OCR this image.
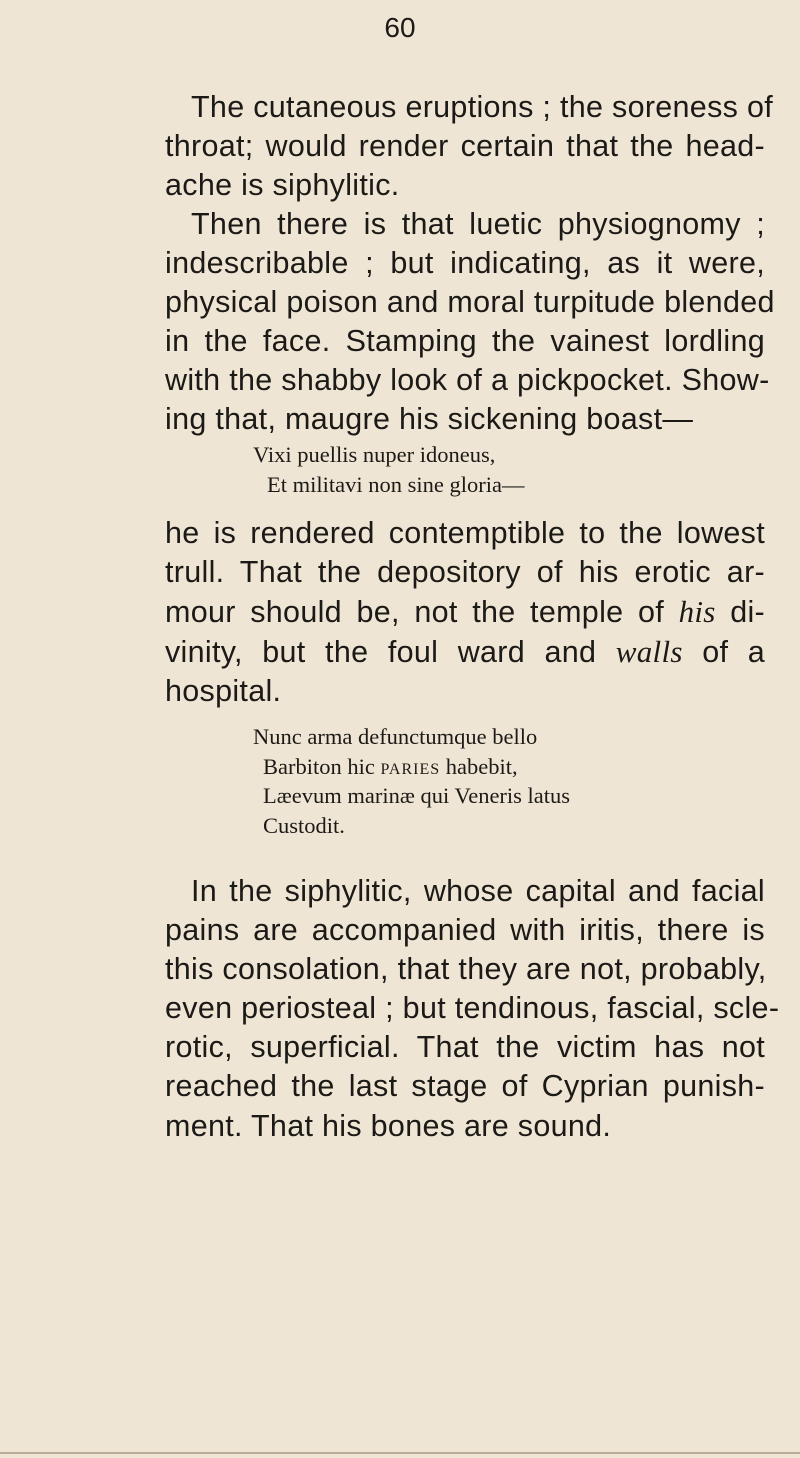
60
The cutaneous eruptions ; the soreness of
throat; would render certain that the head-
ache is siphylitic.
Then there is that luetic physiognomy ;
indescribable ; but indicating, as it were,
physical poison and moral turpitude blended
in the face. Stamping the vainest lordling
with the shabby look of a pickpocket. Show-
ing that, maugre his sickening boast—
Vixi puellis nuper idoneus,
Et militavi non sine gloria—
he is rendered contemptible to the lowest
trull. That the depository of his erotic ar-
mour should be, not the temple of his di-
vinity, but the foul ward and walls of a
hospital.
Nunc arma defunctumque bello
Barbiton hic paries habebit,
Læevum marinæ qui Veneris latus
Custodit.
In the siphylitic, whose capital and facial
pains are accompanied with iritis, there is
this consolation, that they are not, probably,
even periosteal ; but tendinous, fascial, scle-
rotic, superficial. That the victim has not
reached the last stage of Cyprian punish-
ment. That his bones are sound.
